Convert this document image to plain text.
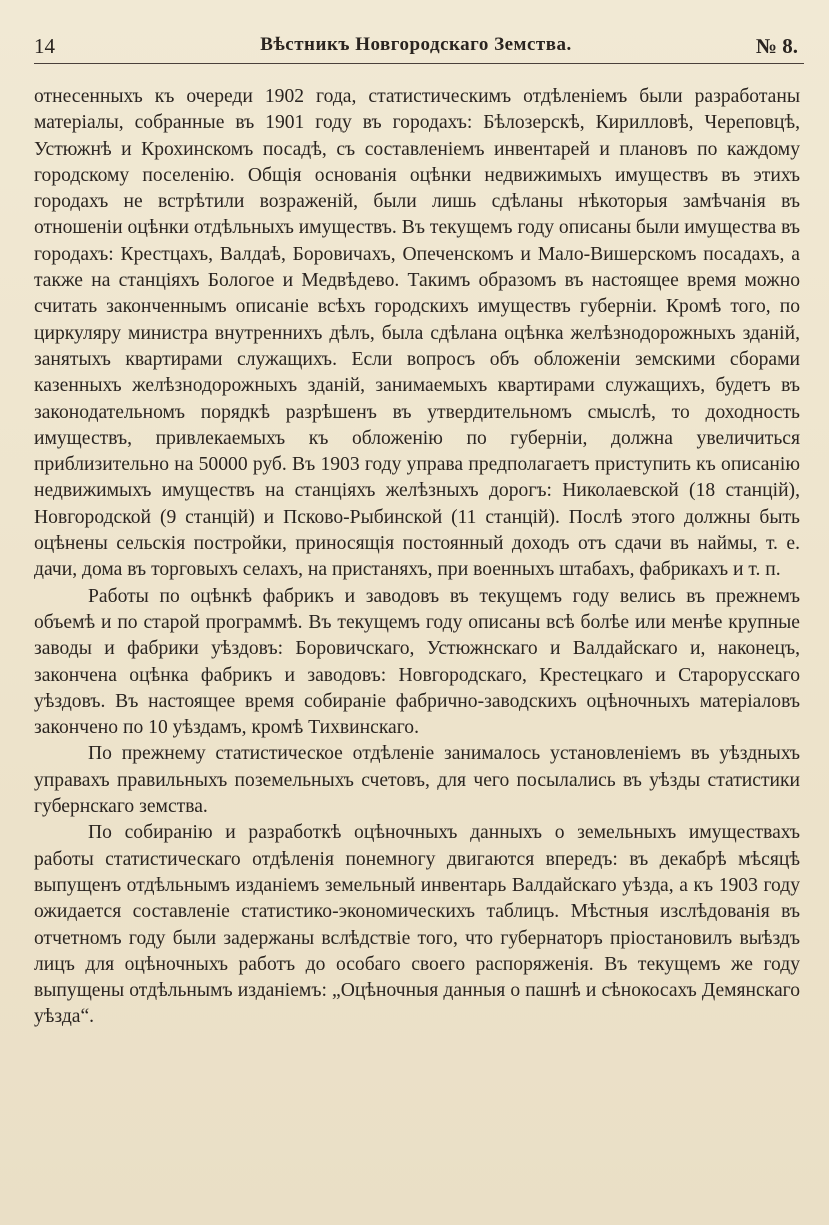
14	Вѣстникъ Новгородскаго Земства.	№ 8.

отнесенныхъ къ очереди 1902 года, статистическимъ отдѣленіемъ были разработаны матеріалы, собранные въ 1901 году въ городахъ: Бѣлозерскѣ, Кирилловѣ, Череповцѣ, Устюжнѣ и Крохинскомъ посадѣ, съ составленіемъ инвентарей и плановъ по каждому городскому поселенію. Общія основанія оцѣнки недвижимыхъ имуществъ въ этихъ городахъ не встрѣтили возраженій, были лишь сдѣланы нѣкоторыя замѣчанія въ отношеніи оцѣнки отдѣльныхъ имуществъ. Въ текущемъ году описаны были имущества въ городахъ: Крестцахъ, Валдаѣ, Боровичахъ, Опеченскомъ и Мало-Вишерскомъ посадахъ, а также на станціяхъ Бологое и Медвѣдево. Такимъ образомъ въ настоящее время можно считать законченнымъ описаніе всѣхъ городскихъ имуществъ губерніи. Кромѣ того, по циркуляру министра внутреннихъ дѣлъ, была сдѣлана оцѣнка желѣзнодорожныхъ зданій, занятыхъ квартирами служащихъ. Если вопросъ объ обложеніи земскими сборами казенныхъ желѣзнодорожныхъ зданій, занимаемыхъ квартирами служащихъ, будетъ въ законодательномъ порядкѣ разрѣшенъ въ утвердительномъ смыслѣ, то доходность имуществъ, привлекаемыхъ къ обложенію по губерніи, должна увеличиться приблизительно на 50000 руб. Въ 1903 году управа предполагаетъ приступить къ описанію недвижимыхъ имуществъ на станціяхъ желѣзныхъ дорогъ: Николаевской (18 станцій), Новгородской (9 станцій) и Псково-Рыбинской (11 станцій). Послѣ этого должны быть оцѣнены сельскія постройки, приносящія постоянный доходъ отъ сдачи въ наймы, т. е. дачи, дома въ торговыхъ селахъ, на пристаняхъ, при военныхъ штабахъ, фабрикахъ и т. п.

Работы по оцѣнкѣ фабрикъ и заводовъ въ текущемъ году велись въ прежнемъ объемѣ и по старой программѣ. Въ текущемъ году описаны всѣ болѣе или менѣе крупные заводы и фабрики уѣздовъ: Боровичскаго, Устюжнскаго и Валдайскаго и, наконецъ, закончена оцѣнка фабрикъ и заводовъ: Новгородскаго, Крестецкаго и Старорусскаго уѣздовъ. Въ настоящее время собираніе фабрично-заводскихъ оцѣночныхъ матеріаловъ закончено по 10 уѣздамъ, кромѣ Тихвинскаго.

По прежнему статистическое отдѣленіе занималось установленіемъ въ уѣздныхъ управахъ правильныхъ поземельныхъ счетовъ, для чего посылались въ уѣзды статистики губернскаго земства.

По собиранію и разработкѣ оцѣночныхъ данныхъ о земельныхъ имуществахъ работы статистическаго отдѣленія понемногу двигаются впередъ: въ декабрѣ мѣсяцѣ выпущенъ отдѣльнымъ изданіемъ земельный инвентарь Валдайскаго уѣзда, а къ 1903 году ожидается составленіе статистико-экономическихъ таблицъ. Мѣстныя изслѣдованія въ отчетномъ году были задержаны вслѣдствіе того, что губернаторъ пріостановилъ выѣздъ лицъ для оцѣночныхъ работъ до особаго своего распоряженія. Въ текущемъ же году выпущены отдѣльнымъ изданіемъ: „Оцѣночныя данныя о пашнѣ и сѣнокосахъ Демянскаго уѣзда“.
